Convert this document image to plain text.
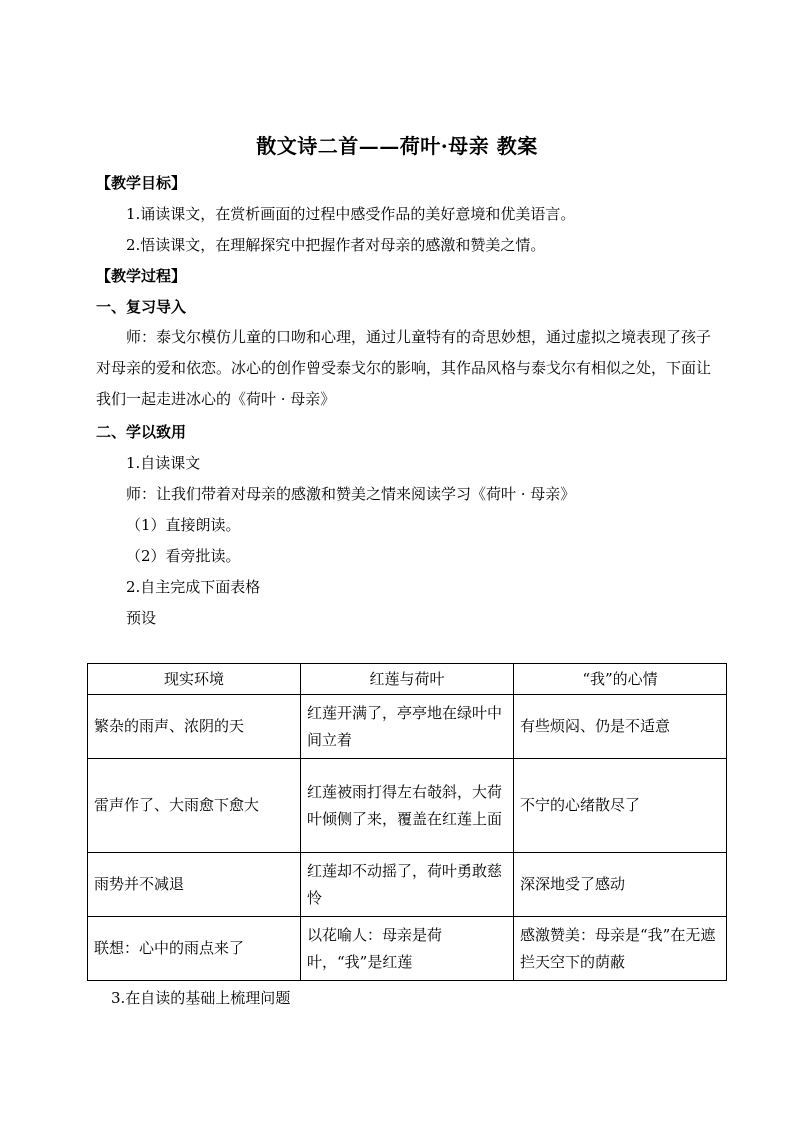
散文诗二首——荷叶·母亲 教案
【教学目标】
1.诵读课文，在赏析画面的过程中感受作品的美好意境和优美语言。
2.悟读课文，在理解探究中把握作者对母亲的感激和赞美之情。
【教学过程】
一、复习导入
师：泰戈尔模仿儿童的口吻和心理，通过儿童特有的奇思妙想，通过虚拟之境表现了孩子对母亲的爱和依恋。冰心的创作曾受泰戈尔的影响，其作品风格与泰戈尔有相似之处，下面让我们一起走进冰心的《荷叶 · 母亲》
二、学以致用
1.自读课文
师：让我们带着对母亲的感激和赞美之情来阅读学习《荷叶 · 母亲》
（1）直接朗读。
（2）看旁批读。
2.自主完成下面表格
预设
现实环境	红莲与荷叶	“我”的心情
繁杂的雨声、浓阴的天	红莲开满了，亭亭地在绿叶中间立着	有些烦闷、仍是不适意
雷声作了、大雨愈下愈大	红莲被雨打得左右攲斜，大荷叶倾侧了来，覆盖在红莲上面	不宁的心绪散尽了
雨势并不减退	红莲却不动摇了，荷叶勇敢慈怜	深深地受了感动
联想：心中的雨点来了	以花喻人：母亲是荷叶，“我”是红莲	感激赞美：母亲是“我”在无遮拦天空下的荫蔽
3.在自读的基础上梳理问题
